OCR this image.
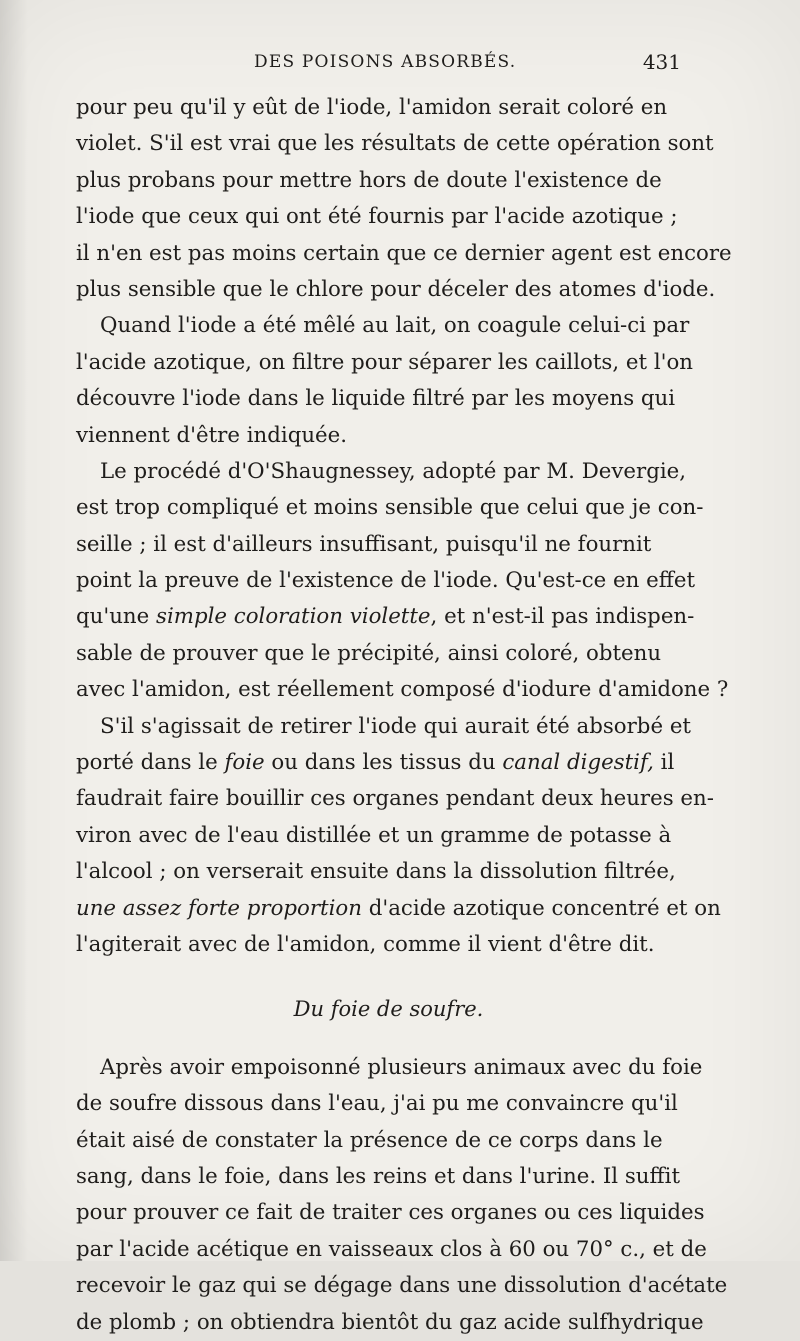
DES POISONS ABSORBÉS.	431
pour peu qu'il y eût de l'iode, l'amidon serait coloré en
violet. S'il est vrai que les résultats de cette opération sont
plus probans pour mettre hors de doute l'existence de
l'iode que ceux qui ont été fournis par l'acide azotique ;
il n'en est pas moins certain que ce dernier agent est encore
plus sensible que le chlore pour déceler des atomes d'iode.
Quand l'iode a été mêlé au lait, on coagule celui-ci par
l'acide azotique, on filtre pour séparer les caillots, et l'on
découvre l'iode dans le liquide filtré par les moyens qui
viennent d'être indiquée.
Le procédé d'O'Shaugnessey, adopté par M. Devergie,
est trop compliqué et moins sensible que celui que je con-
seille ; il est d'ailleurs insuffisant, puisqu'il ne fournit
point la preuve de l'existence de l'iode. Qu'est-ce en effet
qu'une simple coloration violette, et n'est-il pas indispen-
sable de prouver que le précipité, ainsi coloré, obtenu
avec l'amidon, est réellement composé d'iodure d'amidone ?
S'il s'agissait de retirer l'iode qui aurait été absorbé et
porté dans le foie ou dans les tissus du canal digestif, il
faudrait faire bouillir ces organes pendant deux heures en-
viron avec de l'eau distillée et un gramme de potasse à
l'alcool ; on verserait ensuite dans la dissolution filtrée,
une assez forte proportion d'acide azotique concentré et on
l'agiterait avec de l'amidon, comme il vient d'être dit.
Du foie de soufre.
Après avoir empoisonné plusieurs animaux avec du foie
de soufre dissous dans l'eau, j'ai pu me convaincre qu'il
était aisé de constater la présence de ce corps dans le
sang, dans le foie, dans les reins et dans l'urine. Il suffit
pour prouver ce fait de traiter ces organes ou ces liquides
par l'acide acétique en vaisseaux clos à 60 ou 70° c., et de
recevoir le gaz qui se dégage dans une dissolution d'acétate
de plomb ; on obtiendra bientôt du gaz acide sulfhydrique
